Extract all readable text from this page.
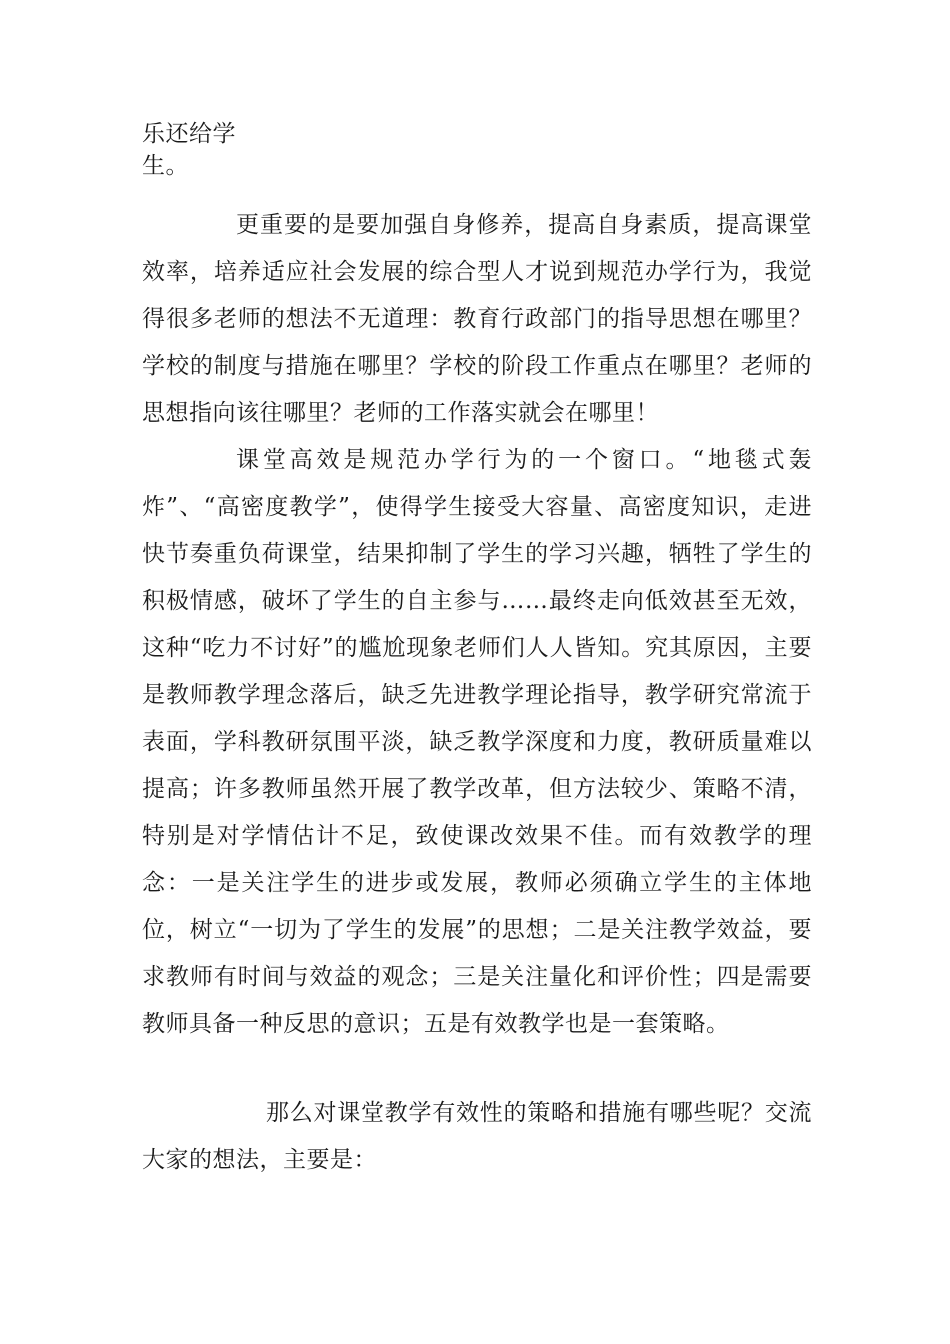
乐还给学
生。

更重要的是要加强自身修养，提高自身素质，提高课堂效率，培养适应社会发展的综合型人才说到规范办学行为，我觉得很多老师的想法不无道理：教育行政部门的指导思想在哪里？学校的制度与措施在哪里？学校的阶段工作重点在哪里？老师的思想指向该往哪里？老师的工作落实就会在哪里！

课堂高效是规范办学行为的一个窗口。“地毯式轰炸”、“高密度教学”，使得学生接受大容量、高密度知识，走进快节奏重负荷课堂，结果抑制了学生的学习兴趣，牺牲了学生的积极情感，破坏了学生的自主参与……最终走向低效甚至无效，这种“吃力不讨好”的尴尬现象老师们人人皆知。究其原因，主要是教师教学理念落后，缺乏先进教学理论指导，教学研究常流于表面，学科教研氛围平淡，缺乏教学深度和力度，教研质量难以提高；许多教师虽然开展了教学改革，但方法较少、策略不清，特别是对学情估计不足，致使课改效果不佳。而有效教学的理念：一是关注学生的进步或发展，教师必须确立学生的主体地位，树立“一切为了学生的发展”的思想；二是关注教学效益，要求教师有时间与效益的观念；三是关注量化和评价性；四是需要教师具备一种反思的意识；五是有效教学也是一套策略。

那么对课堂教学有效性的策略和措施有哪些呢？交流大家的想法，主要是：
